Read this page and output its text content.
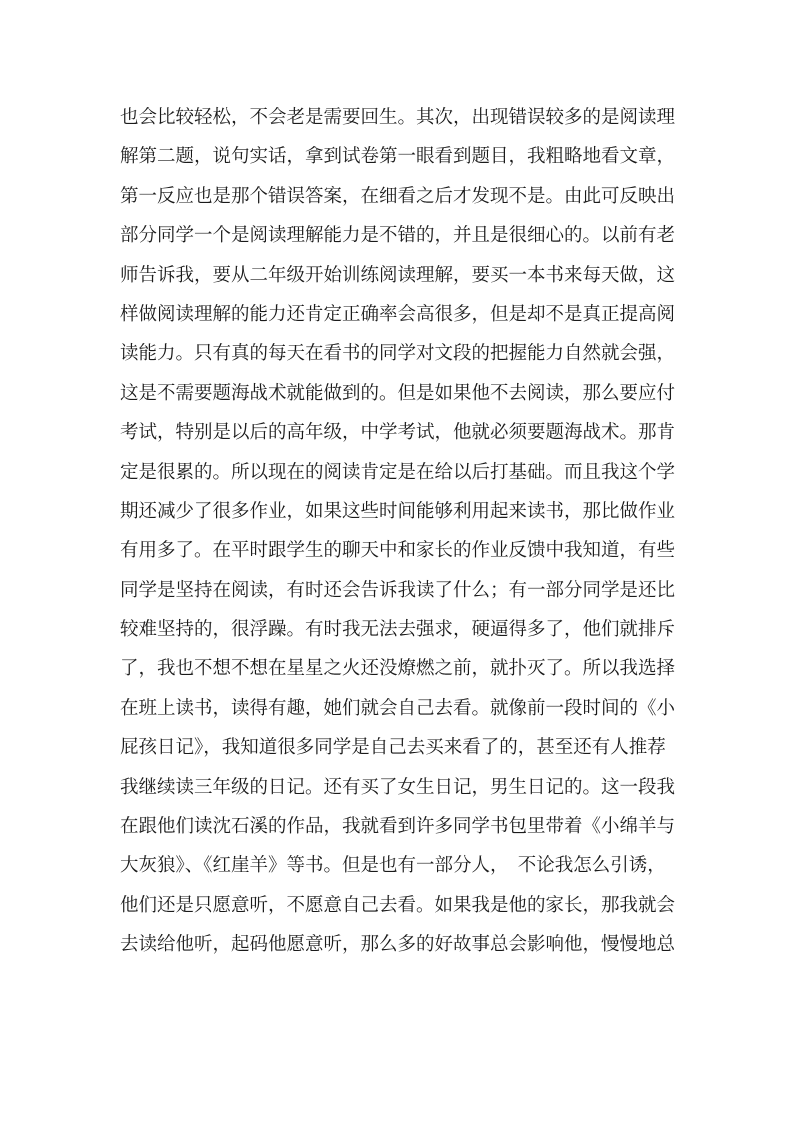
也会比较轻松，不会老是需要回生。其次，出现错误较多的是阅读理
解第二题，说句实话，拿到试卷第一眼看到题目，我粗略地看文章，
第一反应也是那个错误答案，在细看之后才发现不是。由此可反映出
部分同学一个是阅读理解能力是不错的，并且是很细心的。以前有老
师告诉我，要从二年级开始训练阅读理解，要买一本书来每天做，这
样做阅读理解的能力还肯定正确率会高很多，但是却不是真正提高阅
读能力。只有真的每天在看书的同学对文段的把握能力自然就会强，
这是不需要题海战术就能做到的。但是如果他不去阅读，那么要应付
考试，特别是以后的高年级，中学考试，他就必须要题海战术。那肯
定是很累的。所以现在的阅读肯定是在给以后打基础。而且我这个学
期还减少了很多作业，如果这些时间能够利用起来读书，那比做作业
有用多了。在平时跟学生的聊天中和家长的作业反馈中我知道，有些
同学是坚持在阅读，有时还会告诉我读了什么；有一部分同学是还比
较难坚持的，很浮躁。有时我无法去强求，硬逼得多了，他们就排斥
了，我也不想不想在星星之火还没燎燃之前，就扑灭了。所以我选择
在班上读书，读得有趣，她们就会自己去看。就像前一段时间的《小
屁孩日记》，我知道很多同学是自己去买来看了的，甚至还有人推荐
我继续读三年级的日记。还有买了女生日记，男生日记的。这一段我
在跟他们读沈石溪的作品，我就看到许多同学书包里带着《小绵羊与
大灰狼》、《红崖羊》等书。但是也有一部分人，　不论我怎么引诱，
他们还是只愿意听，不愿意自己去看。如果我是他的家长，那我就会
去读给他听，起码他愿意听，那么多的好故事总会影响他，慢慢地总
